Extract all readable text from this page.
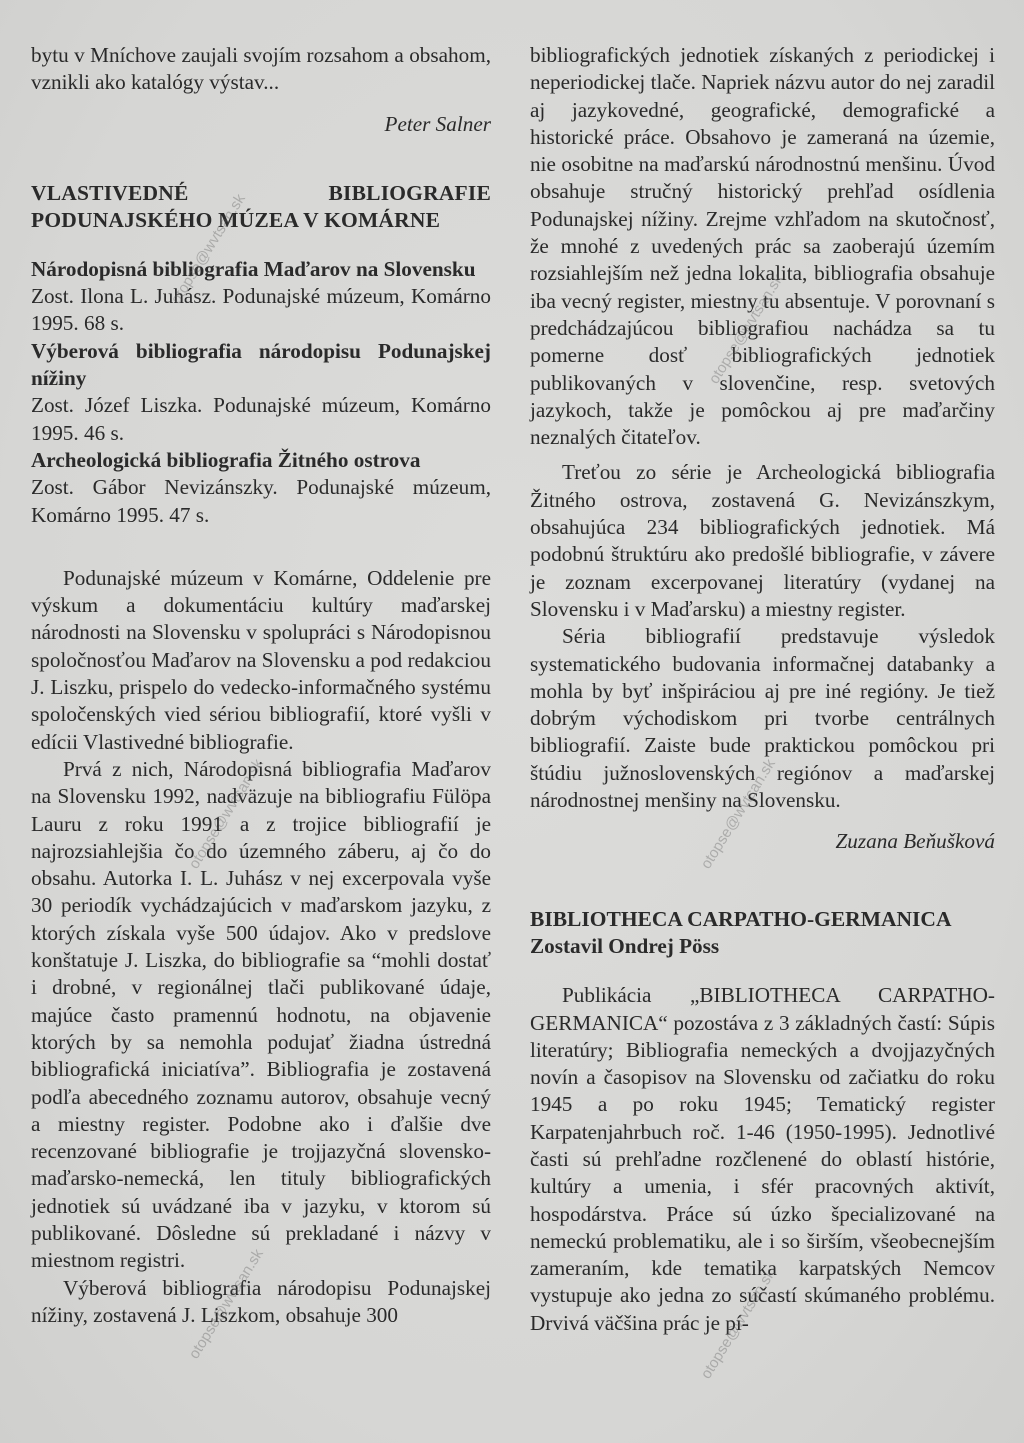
bytu v Mníchove zaujali svojím rozsahom a obsahom, vznikli ako katalógy výstav...

Peter Salner

VLASTIVEDNÉ BIBLIOGRAFIE PODUNAJSKÉHO MÚZEA V KOMÁRNE
Národopisná bibliografia Maďarov na Slovensku

Zost. Ilona L. Juhász. Podunajské múzeum, Komárno 1995. 68 s.

Výberová bibliografia národopisu Podunajskej nížiny

Zost. Józef Liszka. Podunajské múzeum, Komárno 1995. 46 s.

Archeologická bibliografia Žitného ostrova

Zost. Gábor Nevizánszky. Podunajské múzeum, Komárno 1995. 47 s.

Podunajské múzeum v Komárne, Oddelenie pre výskum a dokumentáciu kultúry maďarskej národnosti na Slovensku v spolupráci s Národopisnou spoločnosťou Maďarov na Slovensku a pod redakciou J. Liszku, prispelo do vedecko-informačného systému spoločenských vied sériou bibliografií, ktoré vyšli v edícii Vlastivedné bibliografie.

Prvá z nich, Národopisná bibliografia Maďarov na Slovensku 1992, nadväzuje na bibliografiu Fülöpa Lauru z roku 1991 a z trojice bibliografií je najrozsiahlejšia čo do územného záberu, aj čo do obsahu. Autorka I. L. Juhász v nej excerpovala vyše 30 periodík vychádzajúcich v maďarskom jazyku, z ktorých získala vyše 500 údajov. Ako v predslove konštatuje J. Liszka, do bibliografie sa “mohli dostať i drobné, v regionálnej tlači publikované údaje, majúce často pramennú hodnotu, na objavenie ktorých by sa nemohla podujať žiadna ústredná bibliografická iniciatíva”. Bibliografia je zostavená podľa abecedného zoznamu autorov, obsahuje vecný a miestny register. Podobne ako i ďalšie dve recenzované bibliografie je trojjazyčná slovensko-maďarsko-nemecká, len tituly bibliografických jednotiek sú uvádzané iba v jazyku, v ktorom sú publikované. Dôsledne sú prekladané i názvy v miestnom registri.

Výberová bibliografia národopisu Podunajskej nížiny, zostavená J. Liszkom, obsahuje 300

bibliografických jednotiek získaných z periodickej i neperiodickej tlače. Napriek názvu autor do nej zaradil aj jazykovedné, geografické, demografické a historické práce. Obsahovo je zameraná na územie, nie osobitne na maďarskú národnostnú menšinu. Úvod obsahuje stručný historický prehľad osídlenia Podunajskej nížiny. Zrejme vzhľadom na skutočnosť, že mnohé z uvedených prác sa zaoberajú územím rozsiahlejším než jedna lokalita, bibliografia obsahuje iba vecný register, miestny tu absentuje. V porovnaní s predchádzajúcou bibliografiou nachádza sa tu pomerne dosť bibliografických jednotiek publikovaných v slovenčine, resp. svetových jazykoch, takže je pomôckou aj pre maďarčiny neznalých čitateľov.

Treťou zo série je Archeologická bibliografia Žitného ostrova, zostavená G. Nevizánszkym, obsahujúca 234 bibliografických jednotiek. Má podobnú štruktúru ako predošlé bibliografie, v závere je zoznam excerpovanej literatúry (vydanej na Slovensku i v Maďarsku) a miestny register.

Séria bibliografií predstavuje výsledok systematického budovania informačnej databanky a mohla by byť inšpiráciou aj pre iné regióny. Je tiež dobrým východiskom pri tvorbe centrálnych bibliografií. Zaiste bude praktickou pomôckou pri štúdiu južnoslovenských regiónov a maďarskej národnostnej menšiny na Slovensku.

Zuzana Beňušková

BIBLIOTHECA CARPATHO-GERMANICA
Zostavil Ondrej Pöss

Publikácia „BIBLIOTHECA CARPATHO-GERMANICA“ pozostáva z 3 základných častí: Súpis literatúry; Bibliografia nemeckých a dvojjazyčných novín a časopisov na Slovensku od začiatku do roku 1945 a po roku 1945; Tematický register Karpatenjahrbuch roč. 1-46 (1950-1995). Jednotlivé časti sú prehľadne rozčlenené do oblastí histórie, kultúry a umenia, i sfér pracovných aktivít, hospodárstva. Práce sú úzko špecializované na nemeckú problematiku, ale i so širším, všeobecnejším zameraním, kde tematika karpatských Nemcov vystupuje ako jedna zo súčastí skúmaného problému. Drvivá väčšina prác je pí-

otopse@wvtsan.sk
otopse@wvtsan.sk
otopse@wvtsan.sk
otopse@wvtsan.sk
otopse@wvtsan.sk
otopse@wvtsan.sk
